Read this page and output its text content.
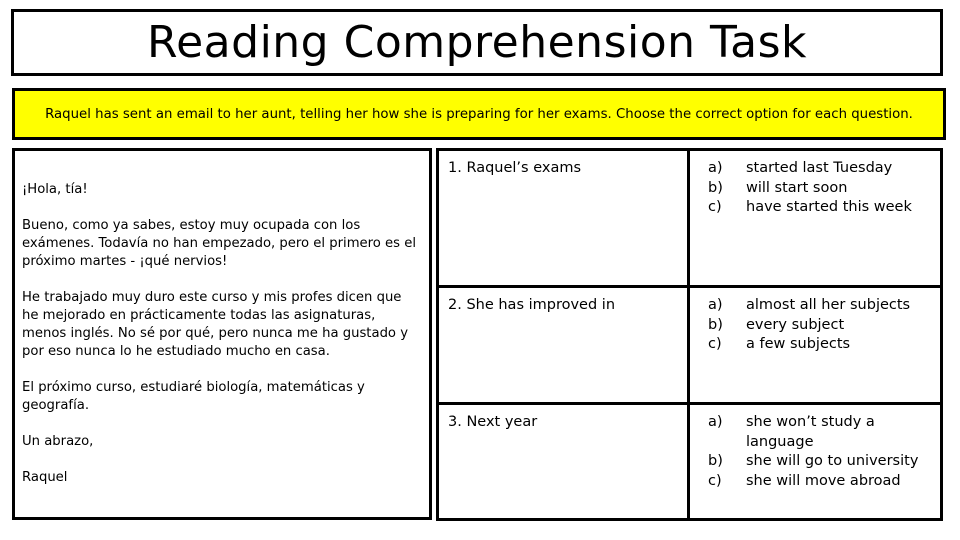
Reading Comprehension Task
Raquel has sent an email to her aunt, telling her how she is preparing for her exams. Choose the correct option for each question.

¡Hola, tía!

Bueno, como ya sabes, estoy muy ocupada con los exámenes. Todavía no han empezado, pero el primero es el próximo martes - ¡qué nervios!

He trabajado muy duro este curso y mis profes dicen que he mejorado en prácticamente todas las asignaturas, menos inglés. No sé por qué, pero nunca me ha gustado y por eso nunca lo he estudiado mucho en casa.

El próximo curso, estudiaré biología, matemáticas y geografía.

Un abrazo,

Raquel

1. Raquel’s exams	a)	started last Tuesday
b)	will start soon
c)	have started this week
2. She has improved in	a)	almost all her subjects
b)	every subject
c)	a few subjects
3. Next year	a)	she won’t study a language
b)	she will go to university
c)	she will move abroad
